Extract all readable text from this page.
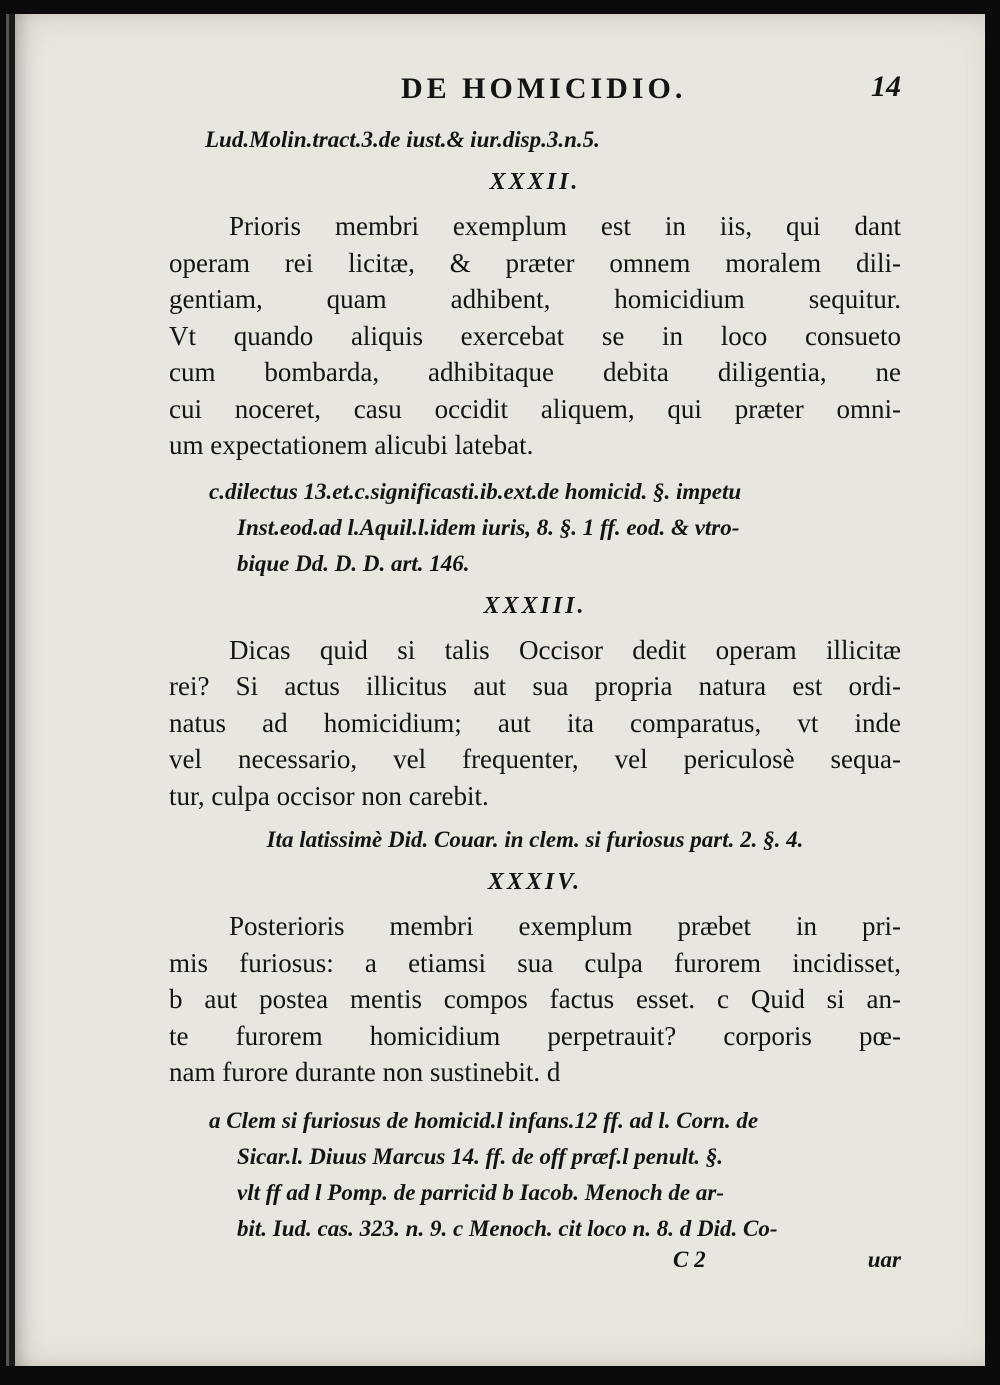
DE HOMICIDIO.	14

Lud.Molin.tract.3.de iust.& iur.disp.3.n.5.

XXXII.
Prioris membri exemplum est in iis, qui dant
operam rei licitæ, & præter omnem moralem dili-
gentiam, quam adhibent, homicidium sequitur.
Vt quando aliquis exercebat se in loco consueto
cum bombarda, adhibitaque debita diligentia, ne
cui noceret, casu occidit aliquem, qui præter omni-
um expectationem alicubi latebat.
c.dilectus 13.et.c.significasti.ib.ext.de homicid. §. impetu
Inst.eod.ad l.Aquil.l.idem iuris, 8. §. 1 ff. eod. & vtro-
bique Dd. D. D. art. 146.
XXXIII.
Dicas quid si talis Occisor dedit operam illicitæ
rei? Si actus illicitus aut sua propria natura est ordi-
natus ad homicidium; aut ita comparatus, vt inde
vel necessario, vel frequenter, vel periculosè sequa-
tur, culpa occisor non carebit.

Ita latissimè Did. Couar. in clem. si furiosus part. 2. §. 4.

XXXIV.
Posterioris membri exemplum præbet in pri-
mis furiosus: a etiamsi sua culpa furorem incidisset,
b aut postea mentis compos factus esset. c Quid si an-
te furorem homicidium perpetrauit? corporis pœ-
nam furore durante non sustinebit. d
a Clem si furiosus de homicid.l infans.12 ff. ad l. Corn. de
Sicar.l. Diuus Marcus 14. ff. de off præf.l penult. §.
vlt ff ad l Pomp. de parricid b Iacob. Menoch de ar-
bit. Iud. cas. 323. n. 9. c Menoch. cit loco n. 8. d Did. Co-
C 2	uar
